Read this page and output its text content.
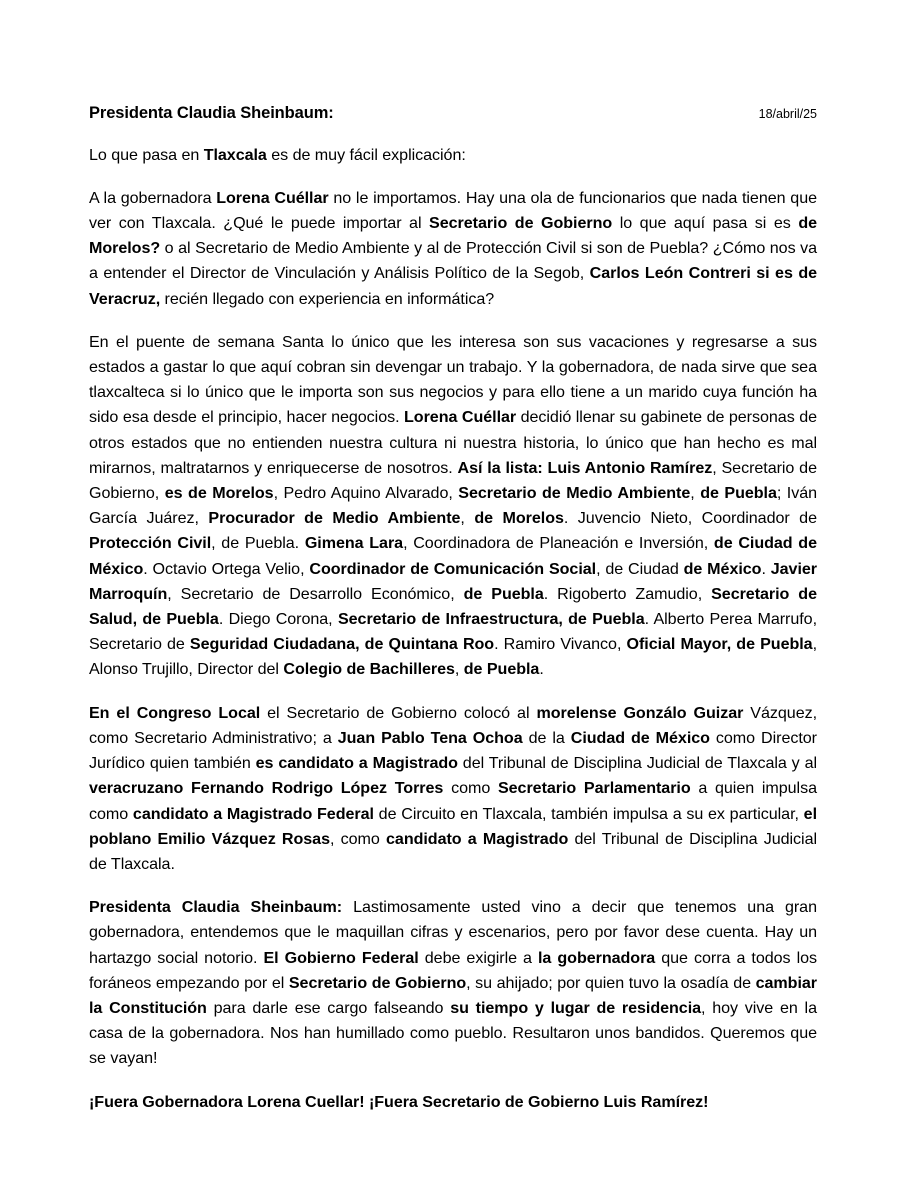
Presidenta Claudia Sheinbaum:	18/abril/25

Lo que pasa en Tlaxcala es de muy fácil explicación:

A la gobernadora Lorena Cuéllar no le importamos. Hay una ola de funcionarios que nada tienen que ver con Tlaxcala. ¿Qué le puede importar al Secretario de Gobierno lo que aquí pasa si es de Morelos? o al Secretario de Medio Ambiente y al de Protección Civil si son de Puebla? ¿Cómo nos va a entender el Director de Vinculación y Análisis Político de la Segob, Carlos León Contreri si es de Veracruz, recién llegado con experiencia en informática?

En el puente de semana Santa lo único que les interesa son sus vacaciones y regresarse a sus estados a gastar lo que aquí cobran sin devengar un trabajo. Y la gobernadora, de nada sirve que sea tlaxcalteca si lo único que le importa son sus negocios y para ello tiene a un marido cuya función ha sido esa desde el principio, hacer negocios. Lorena Cuéllar decidió llenar su gabinete de personas de otros estados que no entienden nuestra cultura ni nuestra historia, lo único que han hecho es mal mirarnos, maltratarnos y enriquecerse de nosotros. Así la lista: Luis Antonio Ramírez, Secretario de Gobierno, es de Morelos, Pedro Aquino Alvarado, Secretario de Medio Ambiente, de Puebla; Iván García Juárez, Procurador de Medio Ambiente, de Morelos. Juvencio Nieto, Coordinador de Protección Civil, de Puebla. Gimena Lara, Coordinadora de Planeación e Inversión, de Ciudad de México. Octavio Ortega Velio, Coordinador de Comunicación Social, de Ciudad de México. Javier Marroquín, Secretario de Desarrollo Económico, de Puebla. Rigoberto Zamudio, Secretario de Salud, de Puebla. Diego Corona, Secretario de Infraestructura, de Puebla. Alberto Perea Marrufo, Secretario de Seguridad Ciudadana, de Quintana Roo. Ramiro Vivanco, Oficial Mayor, de Puebla, Alonso Trujillo, Director del Colegio de Bachilleres, de Puebla.

En el Congreso Local el Secretario de Gobierno colocó al morelense Gonzálo Guizar Vázquez, como Secretario Administrativo; a Juan Pablo Tena Ochoa de la Ciudad de México como Director Jurídico quien también es candidato a Magistrado del Tribunal de Disciplina Judicial de Tlaxcala y al veracruzano Fernando Rodrigo López Torres como Secretario Parlamentario a quien impulsa como candidato a Magistrado Federal de Circuito en Tlaxcala, también impulsa a su ex particular, el poblano Emilio Vázquez Rosas, como candidato a Magistrado del Tribunal de Disciplina Judicial de Tlaxcala.

Presidenta Claudia Sheinbaum: Lastimosamente usted vino a decir que tenemos una gran gobernadora, entendemos que le maquillan cifras y escenarios, pero por favor dese cuenta. Hay un hartazgo social notorio. El Gobierno Federal debe exigirle a la gobernadora que corra a todos los foráneos empezando por el Secretario de Gobierno, su ahijado; por quien tuvo la osadía de cambiar la Constitución para darle ese cargo falseando su tiempo y lugar de residencia, hoy vive en la casa de la gobernadora. Nos han humillado como pueblo. Resultaron unos bandidos. Queremos que se vayan!

¡Fuera Gobernadora Lorena Cuellar! ¡Fuera Secretario de Gobierno Luis Ramírez!
